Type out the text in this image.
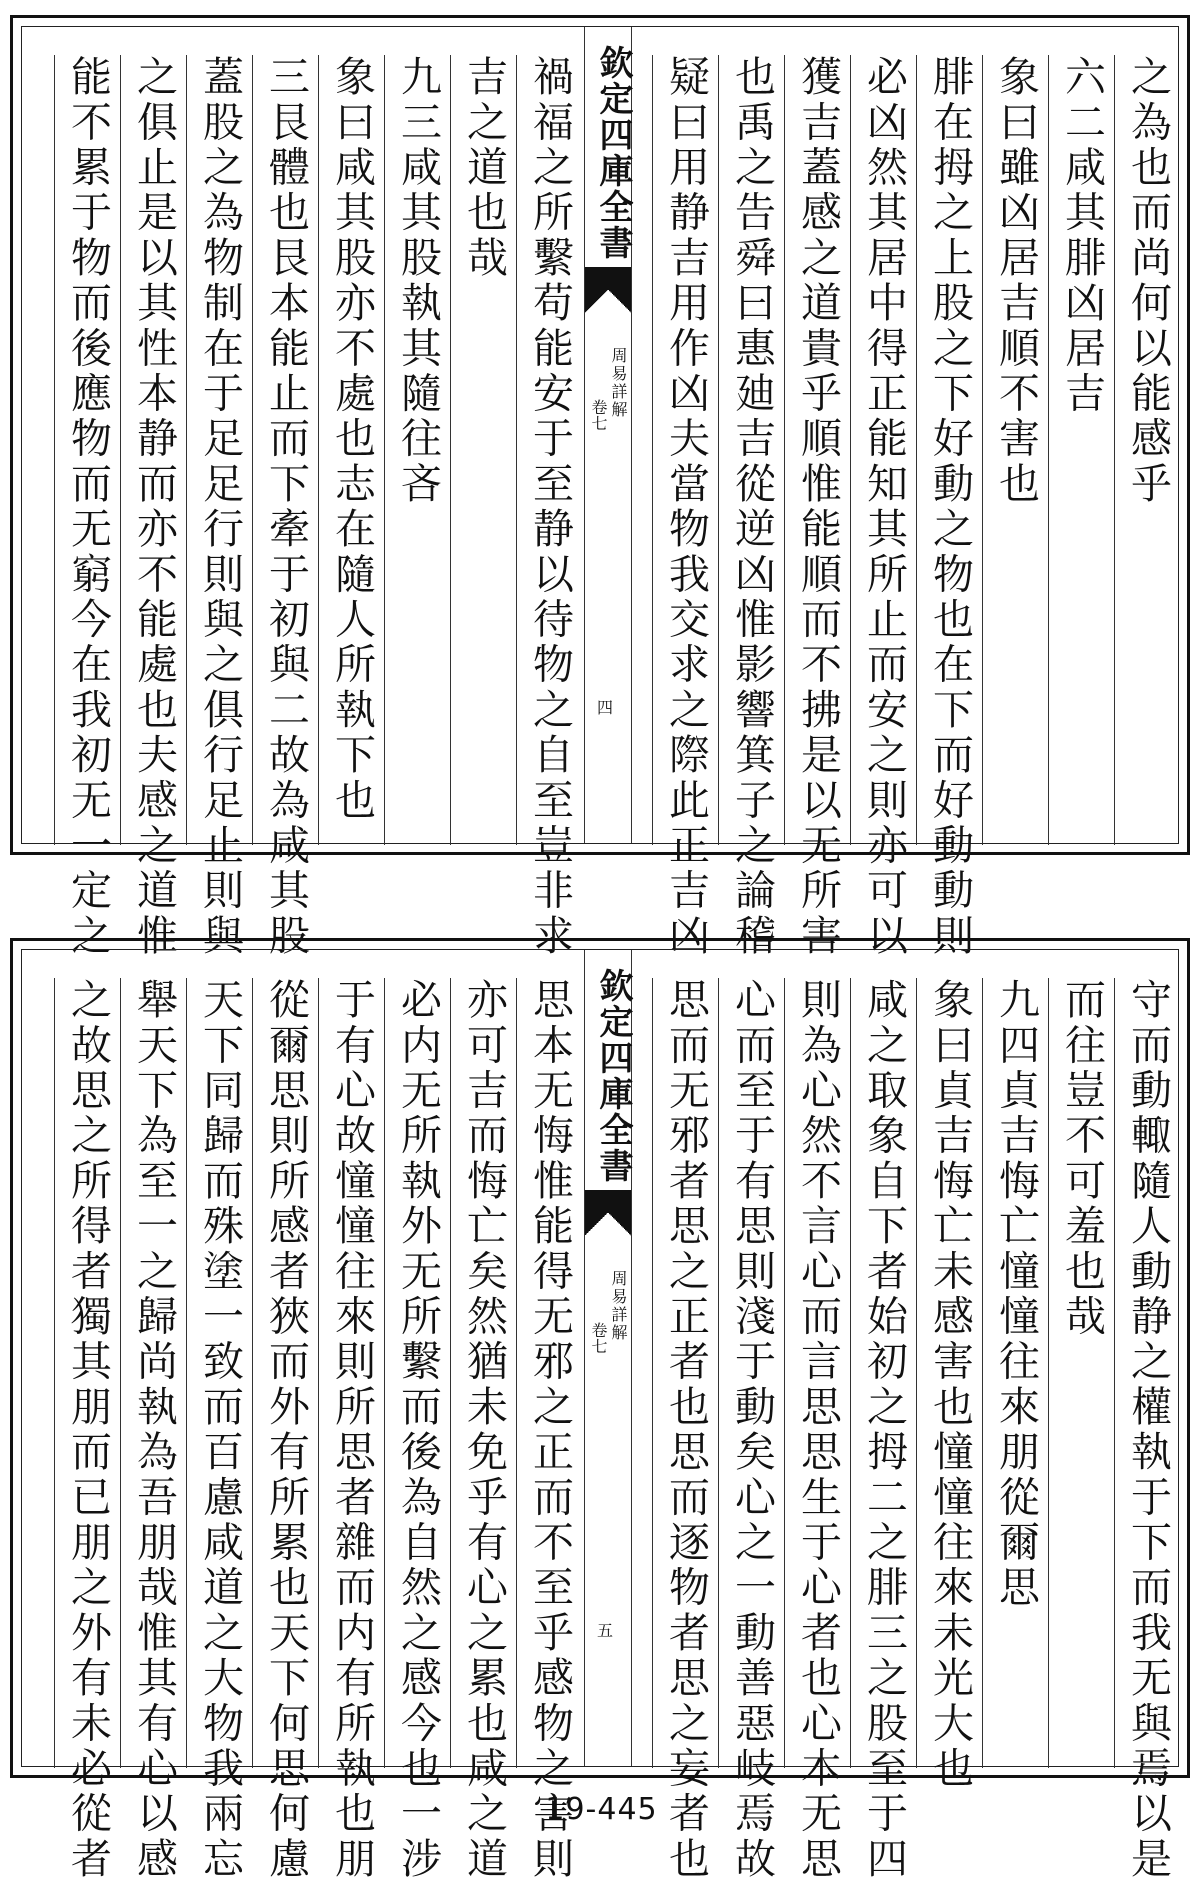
之為也而尚何以能感乎
六二咸其腓凶居吉
象曰雖凶居吉順不害也
腓在拇之上股之下好動之物也在下而好動動則
必凶然其居中得正能知其所止而安之則亦可以
獲吉蓋感之道貴乎順惟能順而不拂是以无所害
也禹之告舜曰惠廸吉從逆凶惟影響箕子之論稽
疑曰用静吉用作凶夫當物我交求之際此正吉凶
欽定四庫全書
周易詳解
卷七
四
禍福之所繫苟能安于至静以待物之自至豈非求
吉之道也哉
九三咸其股執其隨往吝
象曰咸其股亦不處也志在隨人所執下也
三艮體也艮本能止而下牽于初與二故為咸其股
蓋股之為物制在于足足行則與之俱行足止則與
之俱止是以其性本静而亦不能處也夫感之道惟
能不累于物而後應物而无窮今在我初无一定之
守而動輙隨人動静之權執于下而我无與焉以是
而往豈不可羞也哉
九四貞吉悔亡憧憧往來朋從爾思
象曰貞吉悔亡未感害也憧憧往來未光大也
咸之取象自下者始初之拇二之腓三之股至于四
則為心然不言心而言思思生于心者也心本无思
心而至于有思則淺于動矣心之一動善惡岐焉故
思而无邪者思之正者也思而逐物者思之妄者也
欽定四庫全書
周易詳解
卷七
五
思本无悔惟能得无邪之正而不至乎感物之害則
亦可吉而悔亡矣然猶未免乎有心之累也咸之道
必内无所執外无所繫而後為自然之感今也一涉
于有心故憧憧往來則所思者雜而内有所執也朋
從爾思則所感者狹而外有所累也天下何思何慮
天下同歸而殊塗一致而百慮咸道之大物我兩忘
舉天下為至一之歸尚執為吾朋哉惟其有心以感
之故思之所得者獨其朋而已朋之外有未必從者	19-445
